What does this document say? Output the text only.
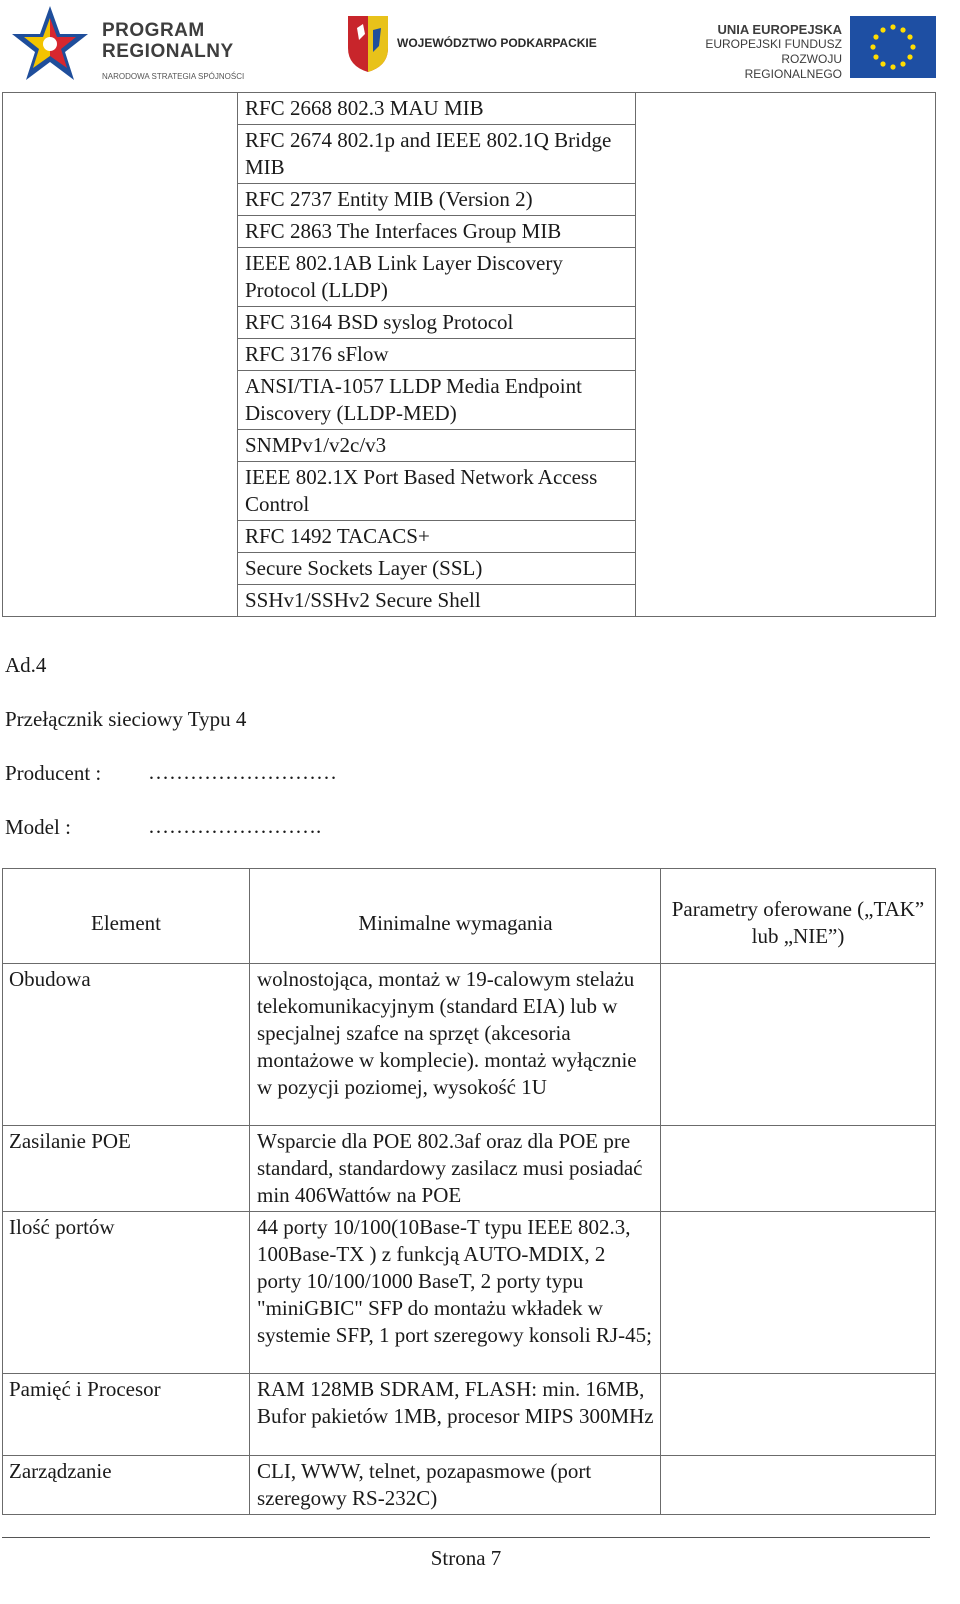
PROGRAM
REGIONALNY
NARODOWA STRATEGIA SPÓJNOŚCI
WOJEWÓDZTWO PODKARPACKIE
UNIA EUROPEJSKA
EUROPEJSKI FUNDUSZ
ROZWOJU REGIONALNEGO

RFC 2668 802.3 MAU MIB
RFC 2674 802.1p and IEEE 802.1Q Bridge MIB
RFC 2737 Entity MIB (Version 2)
RFC 2863 The Interfaces Group MIB
IEEE 802.1AB Link Layer Discovery Protocol (LLDP)
RFC 3164 BSD syslog Protocol
RFC 3176 sFlow
ANSI/TIA-1057 LLDP Media Endpoint Discovery (LLDP-MED)
SNMPv1/v2c/v3
IEEE 802.1X Port Based Network Access Control
RFC 1492 TACACS+
Secure Sockets Layer (SSL)
SSHv1/SSHv2 Secure Shell

Ad.4
Przełącznik sieciowy Typu 4
Producent : ………………………
Model :	…………………….
Element	Minimalne wymagania	Parametry oferowane („TAK” lub „NIE”)
Obudowa	wolnostojąca, montaż w 19-calowym stelażu telekomunikacyjnym (standard EIA) lub w specjalnej szafce na sprzęt (akcesoria montażowe w komplecie). montaż wyłącznie w pozycji poziomej, wysokość 1U	
Zasilanie POE	Wsparcie dla POE 802.3af oraz dla POE pre standard, standardowy zasilacz musi posiadać min 406Wattów na POE	
Ilość portów	44 porty 10/100(10Base-T typu IEEE 802.3, 100Base-TX ) z funkcją AUTO-MDIX, 2 porty 10/100/1000 BaseT, 2 porty typu "miniGBIC" SFP do montażu wkładek w systemie SFP, 1 port szeregowy konsoli RJ-45;	
Pamięć i Procesor	RAM 128MB SDRAM, FLASH: min. 16MB, Bufor pakietów 1MB, procesor MIPS 300MHz	
Zarządzanie	CLI, WWW, telnet, pozapasmowe (port szeregowy RS-232C)	
Strona 7
